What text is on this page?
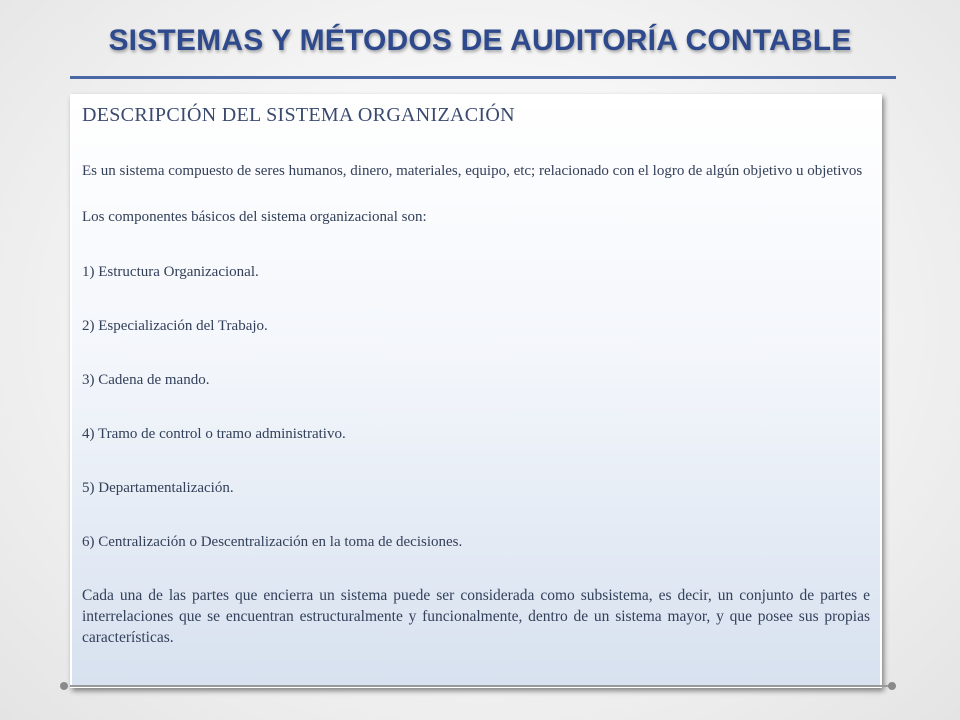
SISTEMAS Y MÉTODOS DE AUDITORÍA CONTABLE
DESCRIPCIÓN DEL SISTEMA ORGANIZACIÓN

Es un sistema compuesto de seres humanos, dinero, materiales, equipo, etc; relacionado con el logro de algún objetivo u objetivos

Los componentes básicos del sistema organizacional son:

1) Estructura Organizacional.

2) Especialización del Trabajo.

3) Cadena de mando.

4) Tramo de control o tramo administrativo.

5) Departamentalización.

6) Centralización o Descentralización en la toma de decisiones.

Cada una de las partes que encierra un sistema puede ser considerada como subsistema, es decir, un conjunto de partes e interrelaciones que se encuentran estructuralmente y funcionalmente, dentro de un sistema mayor, y que posee sus propias características.
